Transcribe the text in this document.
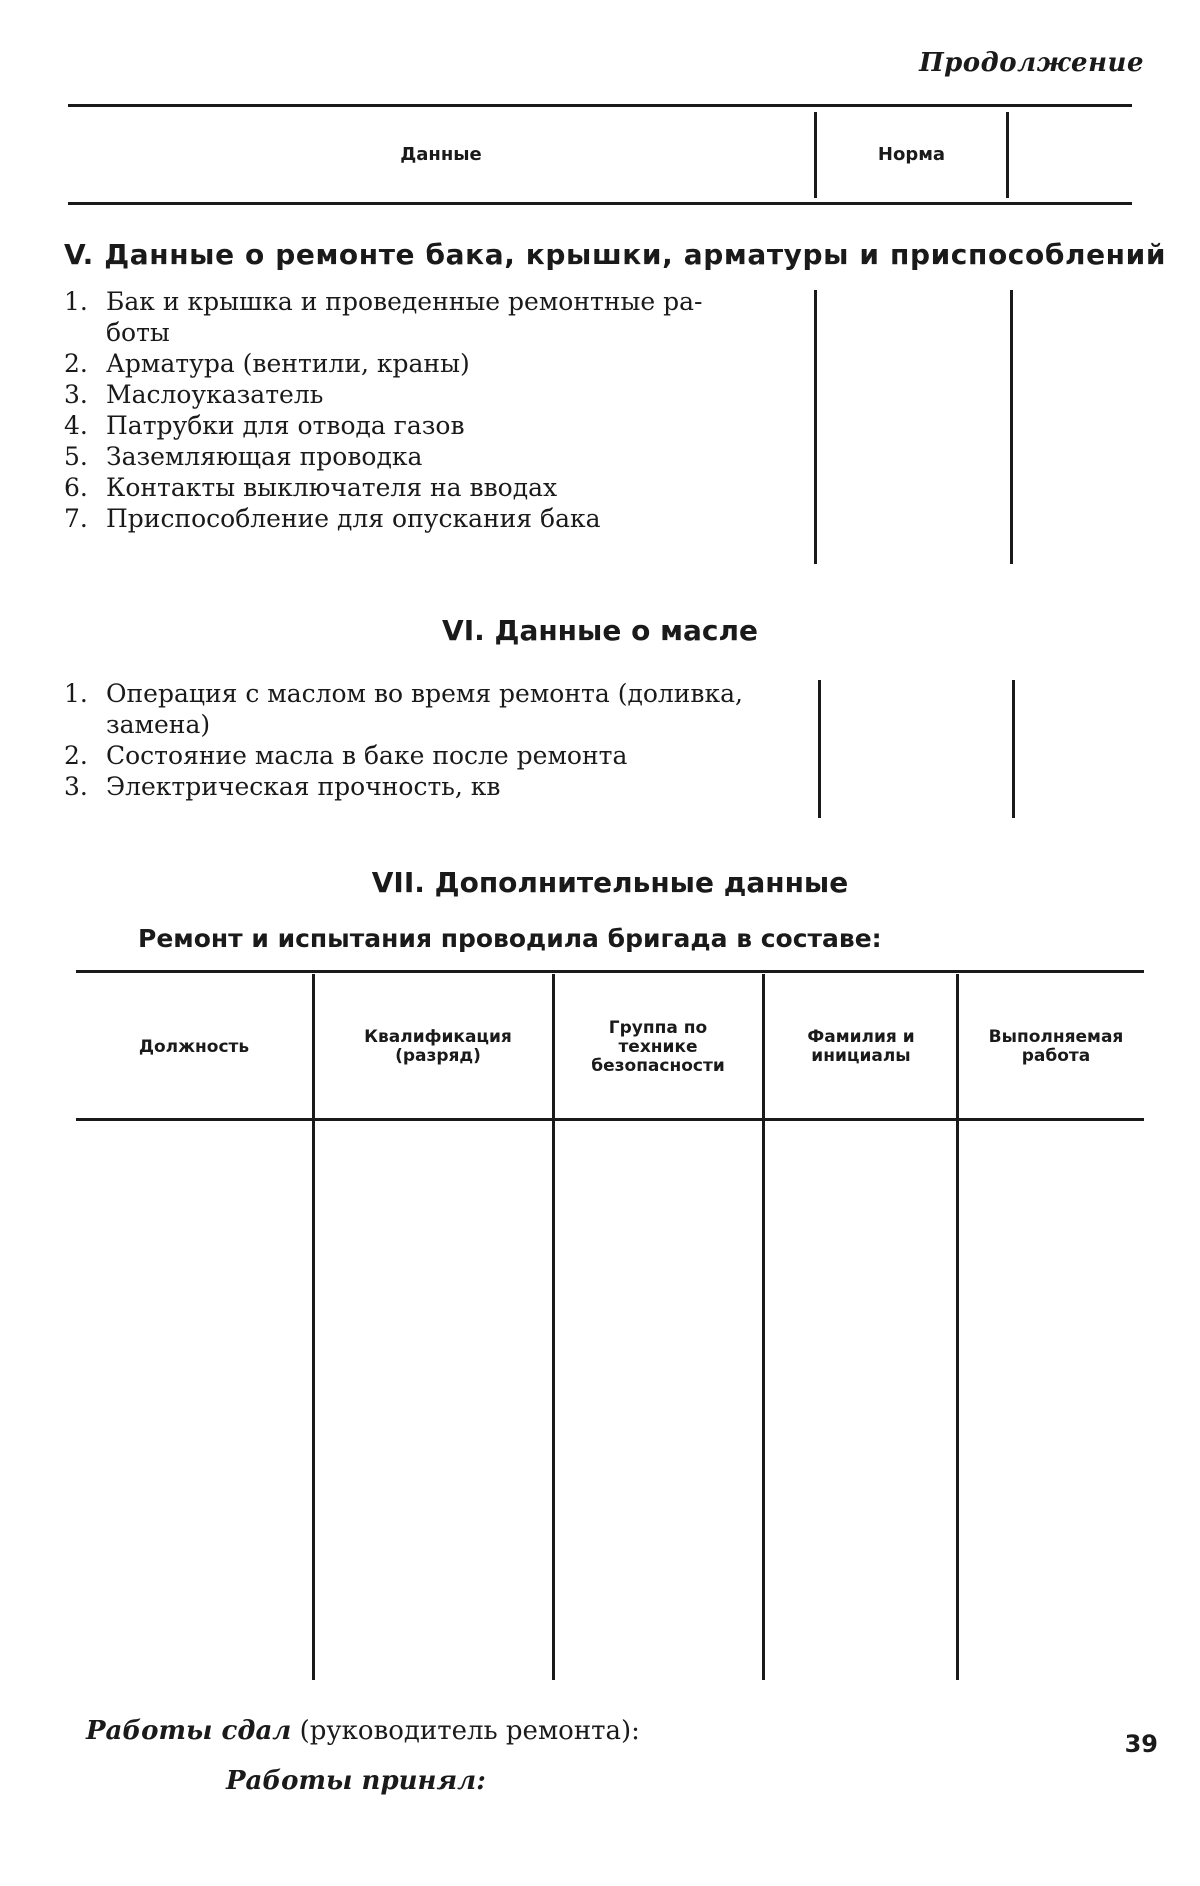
Продолжение
Данные	Норма
V. Данные о ремонте бака, крышки, арматуры и приспособлений
1. Бак и крышка и проведенные ремонтные ра-боты
2. Арматура (вентили, краны)
3. Маслоуказатель
4. Патрубки для отвода газов
5. Заземляющая проводка
6. Контакты выключателя на вводах
7. Приспособление для опускания бака
VI. Данные о масле
1. Операция с маслом во время ремонта (доливка, замена)
2. Состояние масла в баке после ремонта
3. Электрическая прочность, кв
VII. Дополнительные данные
Ремонт и испытания проводила бригада в составе:
Должность	Квалификация (разряд)
Группа по технике безопасности
Фамилия и инициалы
Выполняемая работа
Работы сдал (руководитель ремонта):
Работы принял:
39
